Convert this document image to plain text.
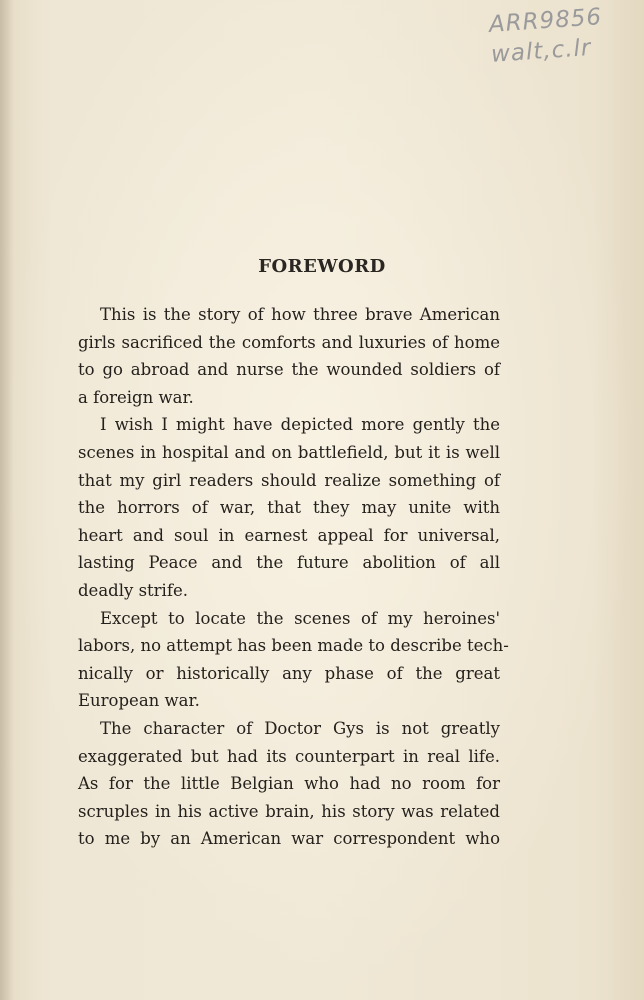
ARR9856
walt,c.lr
FOREWORD
This is the story of how three brave American
girls sacrificed the comforts and luxuries of home
to go abroad and nurse the wounded soldiers of
a foreign war.
I wish I might have depicted more gently the
scenes in hospital and on battlefield, but it is well
that my girl readers should realize something of
the horrors of war, that they may unite with
heart and soul in earnest appeal for universal,
lasting Peace and the future abolition of all
deadly strife.
Except to locate the scenes of my heroines'
labors, no attempt has been made to describe tech-
nically or historically any phase of the great
European war.
The character of Doctor Gys is not greatly
exaggerated but had its counterpart in real life.
As for the little Belgian who had no room for
scruples in his active brain, his story was related
to me by an American war correspondent who
